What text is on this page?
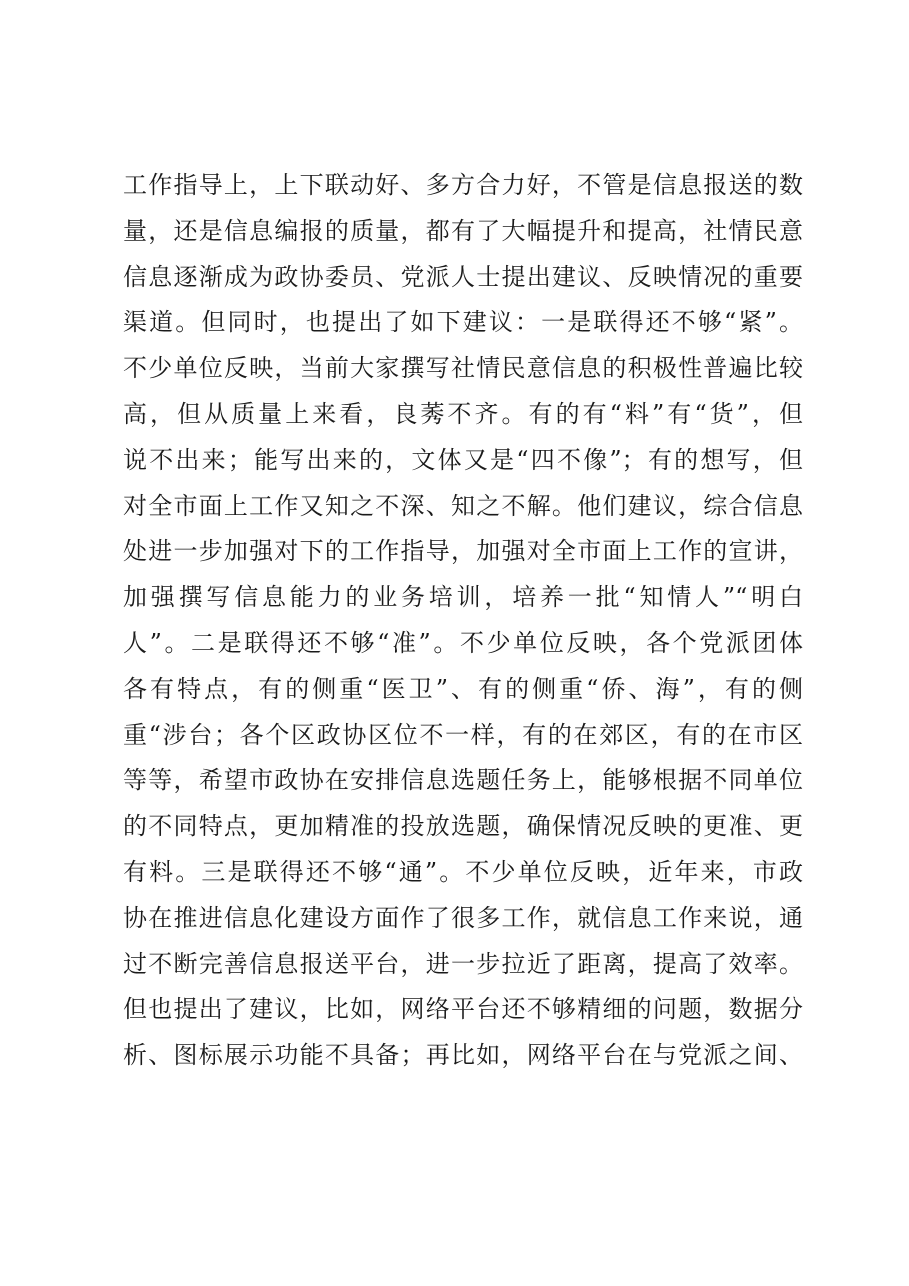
工作指导上，上下联动好、多方合力好，不管是信息报送的数
量，还是信息编报的质量，都有了大幅提升和提高，社情民意
信息逐渐成为政协委员、党派人士提出建议、反映情况的重要
渠道。但同时，也提出了如下建议：一是联得还不够“紧”。
不少单位反映，当前大家撰写社情民意信息的积极性普遍比较
高，但从质量上来看，良莠不齐。有的有“料”有“货”，但
说不出来；能写出来的，文体又是“四不像”；有的想写，但
对全市面上工作又知之不深、知之不解。他们建议，综合信息
处进一步加强对下的工作指导，加强对全市面上工作的宣讲，
加强撰写信息能力的业务培训，培养一批“知情人”“明白
人”。二是联得还不够“准”。不少单位反映，各个党派团体
各有特点，有的侧重“医卫”、有的侧重“侨、海”，有的侧
重“涉台；各个区政协区位不一样，有的在郊区，有的在市区
等等，希望市政协在安排信息选题任务上，能够根据不同单位
的不同特点，更加精准的投放选题，确保情况反映的更准、更
有料。三是联得还不够“通”。不少单位反映，近年来，市政
协在推进信息化建设方面作了很多工作，就信息工作来说，通
过不断完善信息报送平台，进一步拉近了距离，提高了效率。
但也提出了建议，比如，网络平台还不够精细的问题，数据分
析、图标展示功能不具备；再比如，网络平台在与党派之间、
